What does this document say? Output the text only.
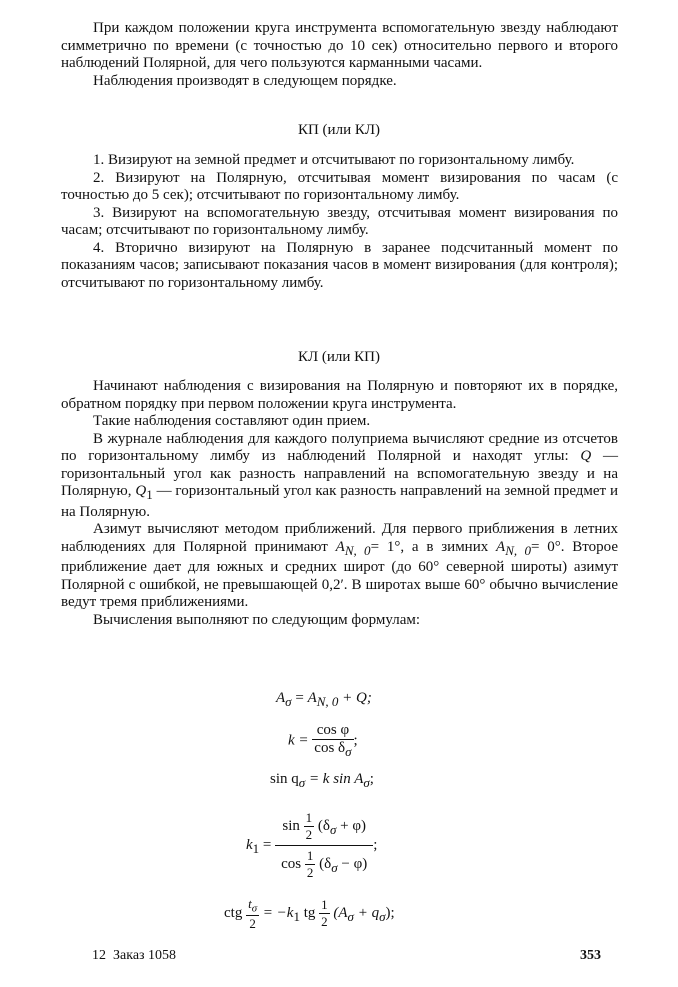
При каждом положении круга инструмента вспомогательную звезду наблюдают симметрично по времени (с точностью до 10 сек) относительно первого и второго наблюдений Полярной, для чего пользуются карманными часами.

Наблюдения производят в следующем порядке.

КП (или КЛ)

1. Визируют на земной предмет и отсчитывают по горизонтальному лимбу.

2. Визируют на Полярную, отсчитывая момент визирования по часам (с точностью до 5 сек); отсчитывают по горизонтальному лимбу.

3. Визируют на вспомогательную звезду, отсчитывая момент визирования по часам; отсчитывают по горизонтальному лимбу.

4. Вторично визируют на Полярную в заранее подсчитанный момент по показаниям часов; записывают показания часов в момент визирования (для контроля); отсчитывают по горизонтальному лимбу.

КЛ (или КП)

Начинают наблюдения с визирования на Полярную и повторяют их в порядке, обратном порядку при первом положении круга инструмента.

Такие наблюдения составляют один прием.

В журнале наблюдения для каждого полуприема вычисляют средние из отсчетов по горизонтальному лимбу из наблюдений Полярной и находят углы: Q — горизонтальный угол как разность направлений на вспомогательную звезду и на Полярную, $Q_1$ — горизонтальный угол как разность направлений на земной предмет и на Полярную.

Азимут вычисляют методом приближений. Для первого приближения в летних наблюдениях для Полярной принимают $A_{N, 0}= 1^\circ$, а в зимних $A_{N, 0}= 0^\circ$. Второе приближение дает для южных и средних широт (до 60° северной широты) азимут Полярной с ошибкой, не превышающей 0,2′. В широтах выше 60° обычно вычисление ведут тремя приближениями.

Вычисления выполняют по следующим формулам:

$A_\sigma = A_{N, 0} + Q$;
$k = \frac{\text{cos φ}}{\cos \delta_\sigma}$ ;
$\sin q_\sigma = k$ $\sin A_\sigma$;
$k_1 = \frac{\sin \frac{1}{2} (\delta_\sigma + \varphi)}{\cos \frac{1}{2} (\delta_\sigma - \varphi)}$ ;
ctg $\frac{t_\sigma}{2} = -k_1$ tg $\frac{1}{2} (A_\sigma + q_\sigma)$;
12  Заказ 1058	353
